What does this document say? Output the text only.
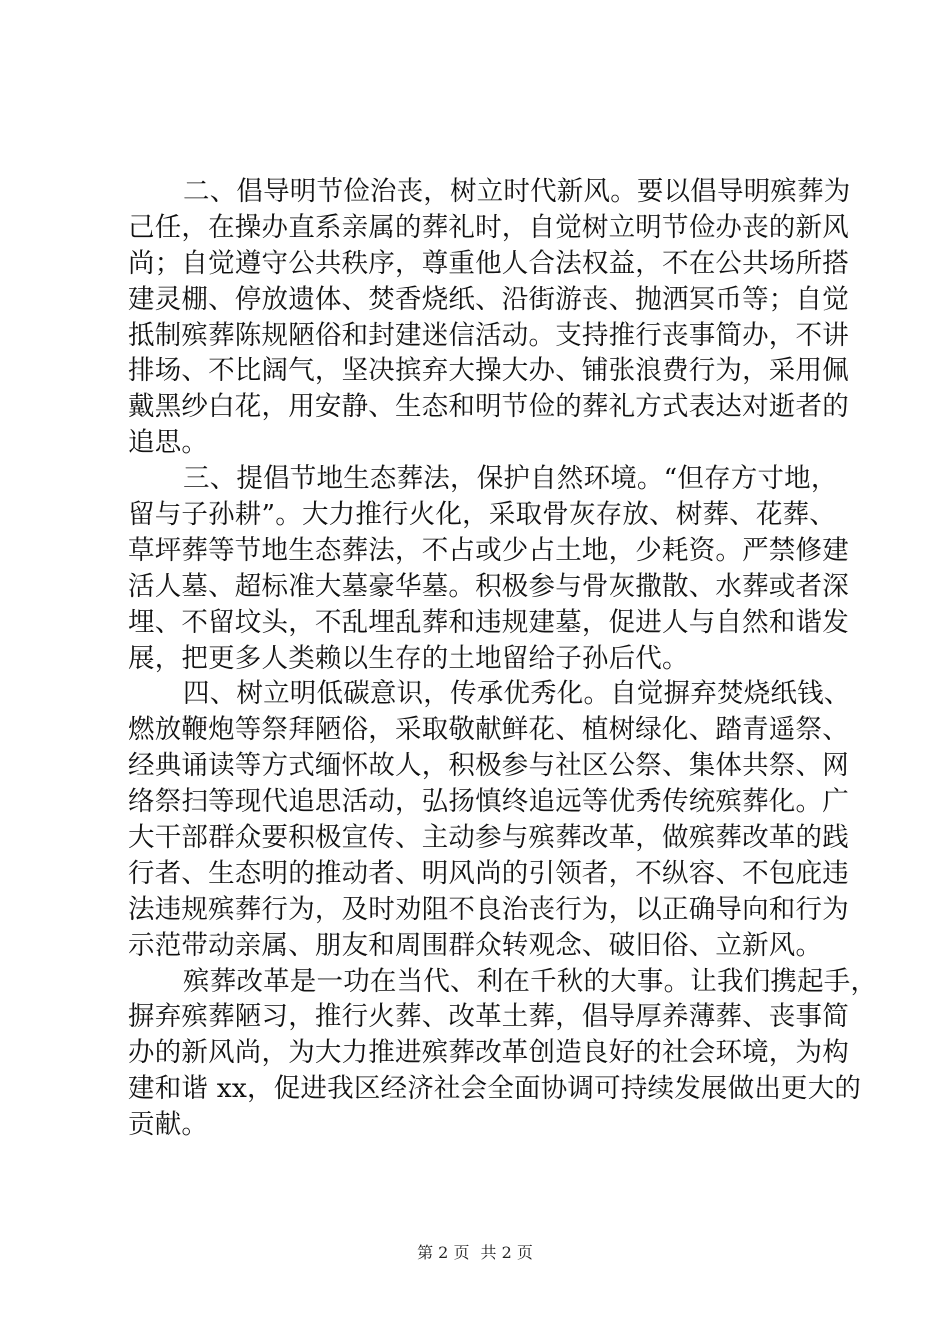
二、倡导明节俭治丧，树立时代新风。要以倡导明殡葬为
己任，在操办直系亲属的葬礼时，自觉树立明节俭办丧的新风
尚；自觉遵守公共秩序，尊重他人合法权益，不在公共场所搭
建灵棚、停放遗体、焚香烧纸、沿街游丧、抛洒冥币等；自觉
抵制殡葬陈规陋俗和封建迷信活动。支持推行丧事简办，不讲
排场、不比阔气，坚决摈弃大操大办、铺张浪费行为，采用佩
戴黑纱白花，用安静、生态和明节俭的葬礼方式表达对逝者的
追思。
三、提倡节地生态葬法，保护自然环境。“但存方寸地，
留与子孙耕”。大力推行火化，采取骨灰存放、树葬、花葬、
草坪葬等节地生态葬法，不占或少占土地，少耗资。严禁修建
活人墓、超标准大墓豪华墓。积极参与骨灰撒散、水葬或者深
埋、不留坟头，不乱埋乱葬和违规建墓，促进人与自然和谐发
展，把更多人类赖以生存的土地留给子孙后代。
四、树立明低碳意识，传承优秀化。自觉摒弃焚烧纸钱、
燃放鞭炮等祭拜陋俗，采取敬献鲜花、植树绿化、踏青遥祭、
经典诵读等方式缅怀故人，积极参与社区公祭、集体共祭、网
络祭扫等现代追思活动，弘扬慎终追远等优秀传统殡葬化。广
大干部群众要积极宣传、主动参与殡葬改革，做殡葬改革的践
行者、生态明的推动者、明风尚的引领者，不纵容、不包庇违
法违规殡葬行为，及时劝阻不良治丧行为，以正确导向和行为
示范带动亲属、朋友和周围群众转观念、破旧俗、立新风。
殡葬改革是一功在当代、利在千秋的大事。让我们携起手，
摒弃殡葬陋习，推行火葬、改革土葬，倡导厚养薄葬、丧事简
办的新风尚，为大力推进殡葬改革创造良好的社会环境，为构
建和谐 xx，促进我区经济社会全面协调可持续发展做出更大的
贡献。
第 2 页 共 2 页
